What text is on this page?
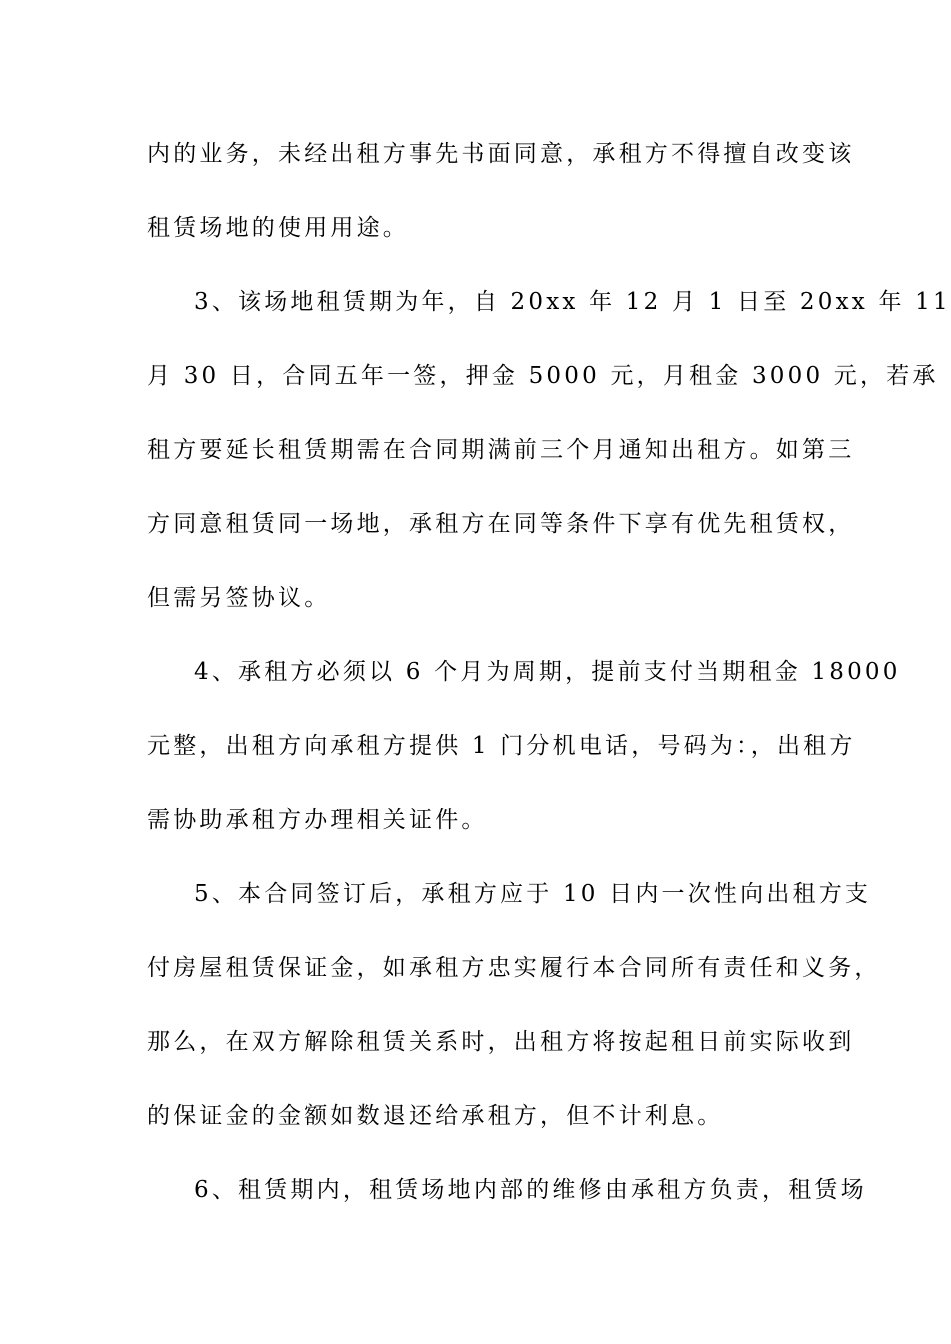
内的业务，未经出租方事先书面同意，承租方不得擅自改变该
租赁场地的使用用途。
3、该场地租赁期为年，自 20xx 年 12 月 1 日至 20xx 年 11
月 30 日，合同五年一签，押金 5000 元，月租金 3000 元，若承
租方要延长租赁期需在合同期满前三个月通知出租方。如第三
方同意租赁同一场地，承租方在同等条件下享有优先租赁权，
但需另签协议。
4、承租方必须以 6 个月为周期，提前支付当期租金 18000
元整，出租方向承租方提供 1 门分机电话，号码为：，出租方
需协助承租方办理相关证件。
5、本合同签订后，承租方应于 10 日内一次性向出租方支
付房屋租赁保证金，如承租方忠实履行本合同所有责任和义务，
那么，在双方解除租赁关系时，出租方将按起租日前实际收到
的保证金的金额如数退还给承租方，但不计利息。
6、租赁期内，租赁场地内部的维修由承租方负责，租赁场
